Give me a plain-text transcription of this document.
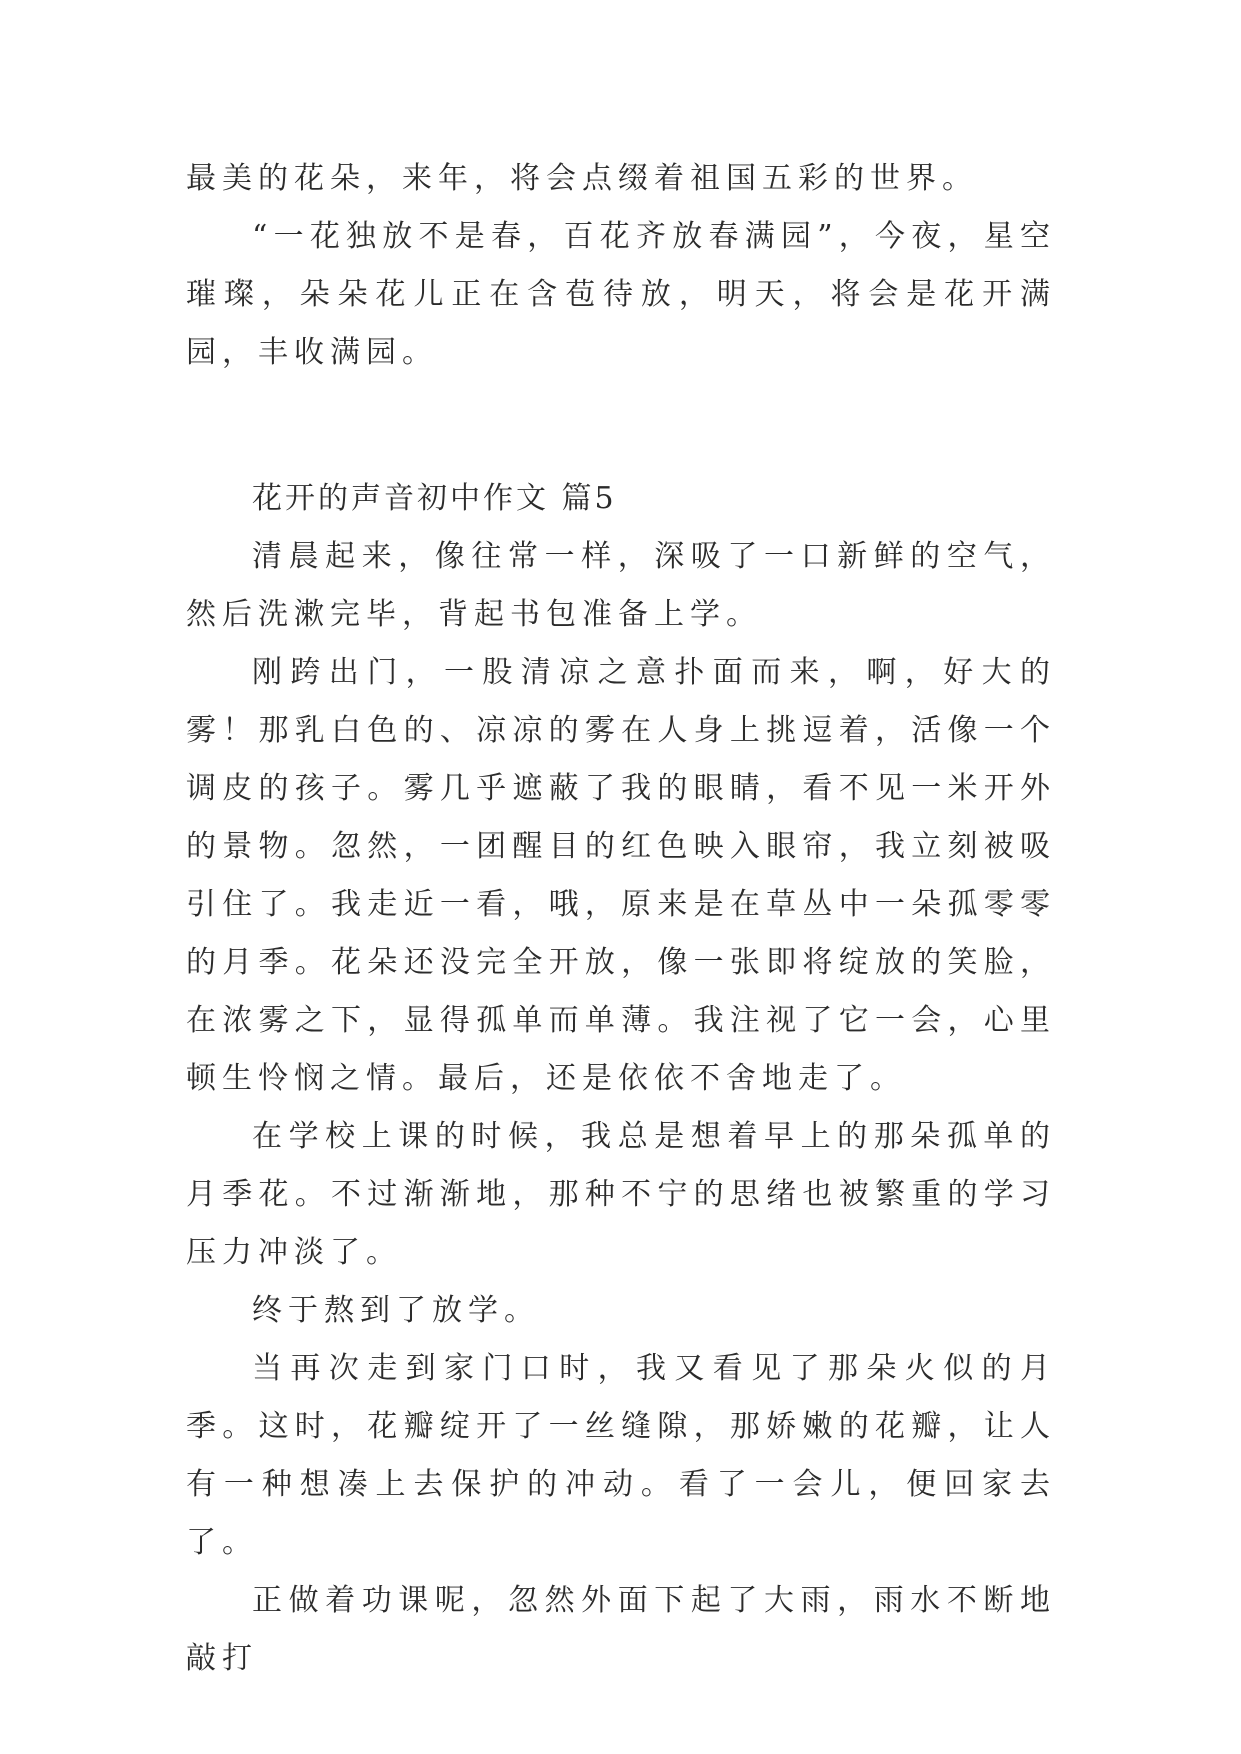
最美的花朵，来年，将会点缀着祖国五彩的世界。

“一花独放不是春，百花齐放春满园”，今夜，星空璀璨，朵朵花儿正在含苞待放，明天，将会是花开满园，丰收满园。

花开的声音初中作文 篇5

清晨起来，像往常一样，深吸了一口新鲜的空气，然后洗漱完毕，背起书包准备上学。

刚跨出门，一股清凉之意扑面而来，啊，好大的雾！那乳白色的、凉凉的雾在人身上挑逗着，活像一个调皮的孩子。雾几乎遮蔽了我的眼睛，看不见一米开外的景物。忽然，一团醒目的红色映入眼帘，我立刻被吸引住了。我走近一看，哦，原来是在草丛中一朵孤零零的月季。花朵还没完全开放，像一张即将绽放的笑脸，在浓雾之下，显得孤单而单薄。我注视了它一会，心里顿生怜悯之情。最后，还是依依不舍地走了。

在学校上课的时候，我总是想着早上的那朵孤单的月季花。不过渐渐地，那种不宁的思绪也被繁重的学习压力冲淡了。

终于熬到了放学。

当再次走到家门口时，我又看见了那朵火似的月季。这时，花瓣绽开了一丝缝隙，那娇嫩的花瓣，让人有一种想凑上去保护的冲动。看了一会儿，便回家去了。

正做着功课呢，忽然外面下起了大雨，雨水不断地敲打
